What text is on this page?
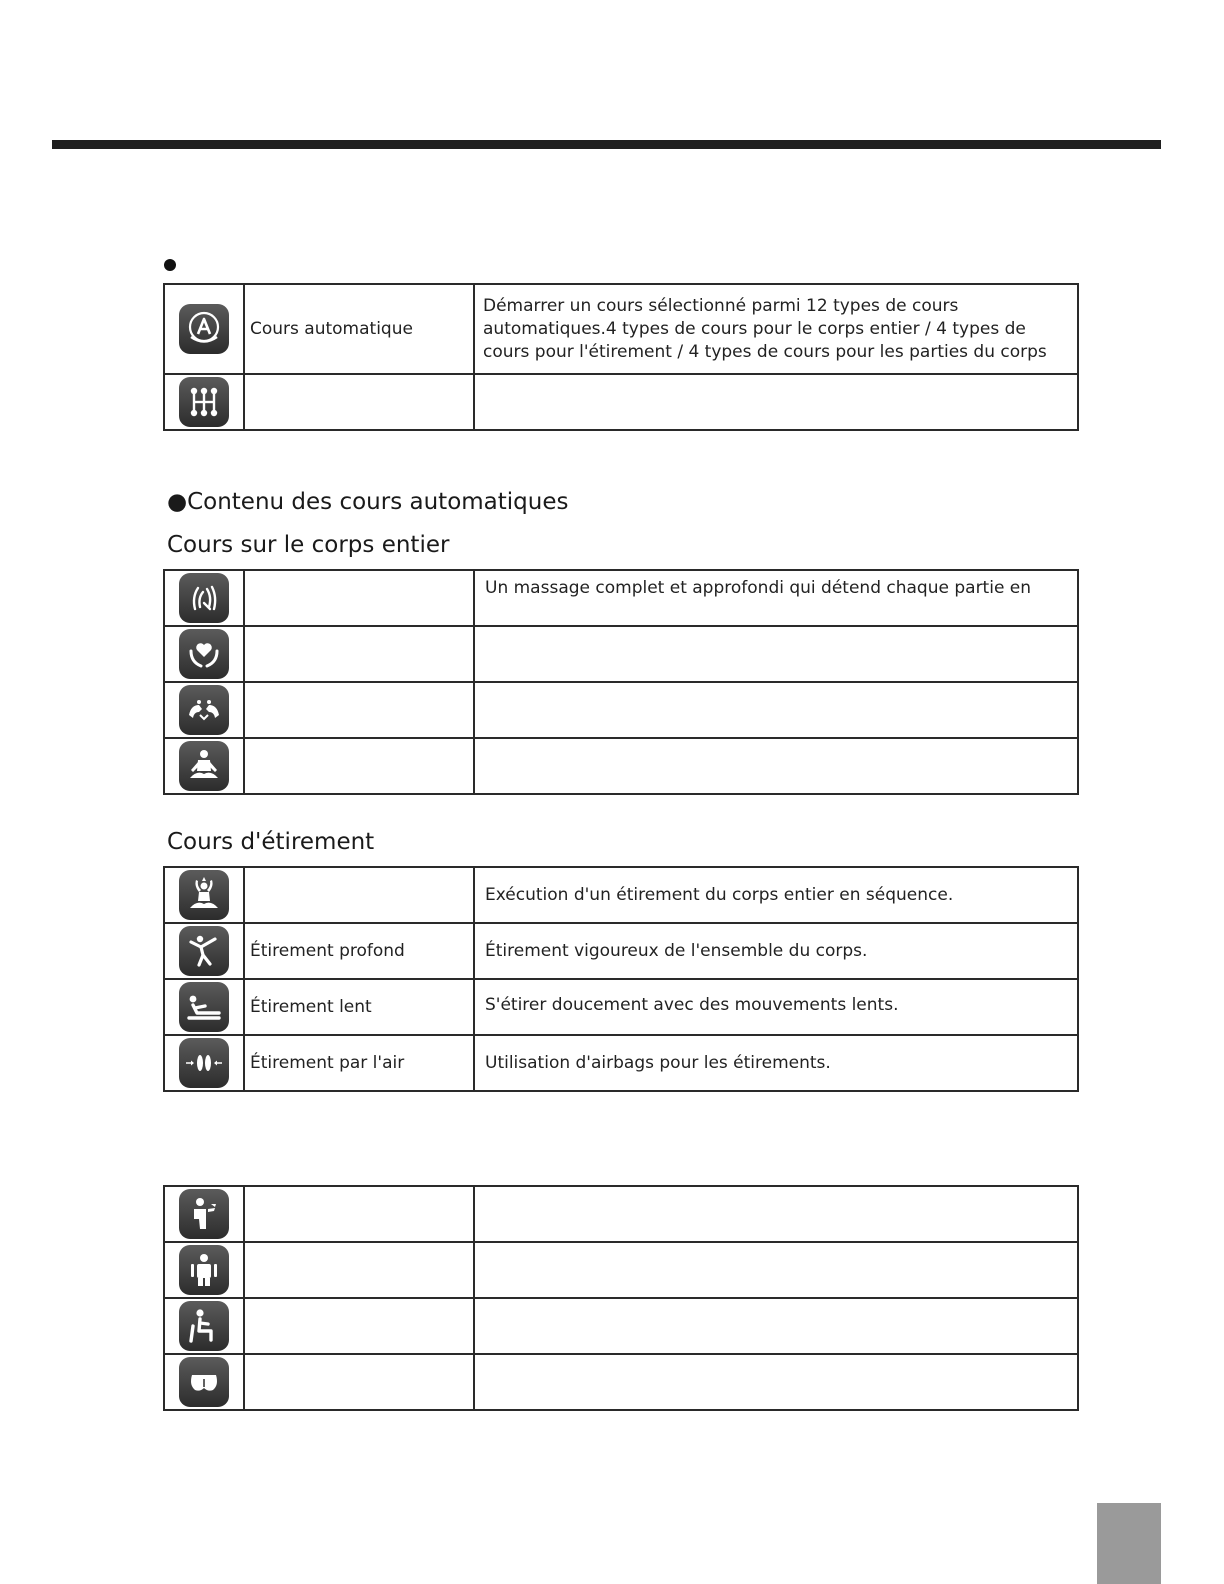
	Cours automatique	Démarrer un cours sélectionné parmi 12 types de cours automatiques.4 types de cours pour le corps entier / 4 types de cours pour l'étirement / 4 types de cours pour les parties du corps

●Contenu des cours automatiques
Cours sur le corps entier
		Un massage complet et approfondi qui détend chaque partie en

Cours d'étirement
		Exécution d'un étirement du corps entier en séquence.

	Étirement profond	Étirement vigoureux de l'ensemble du corps.

	Étirement lent	S'étirer doucement avec des mouvements lents.

	Étirement par l'air	Utilisation d'airbags pour les étirements.
